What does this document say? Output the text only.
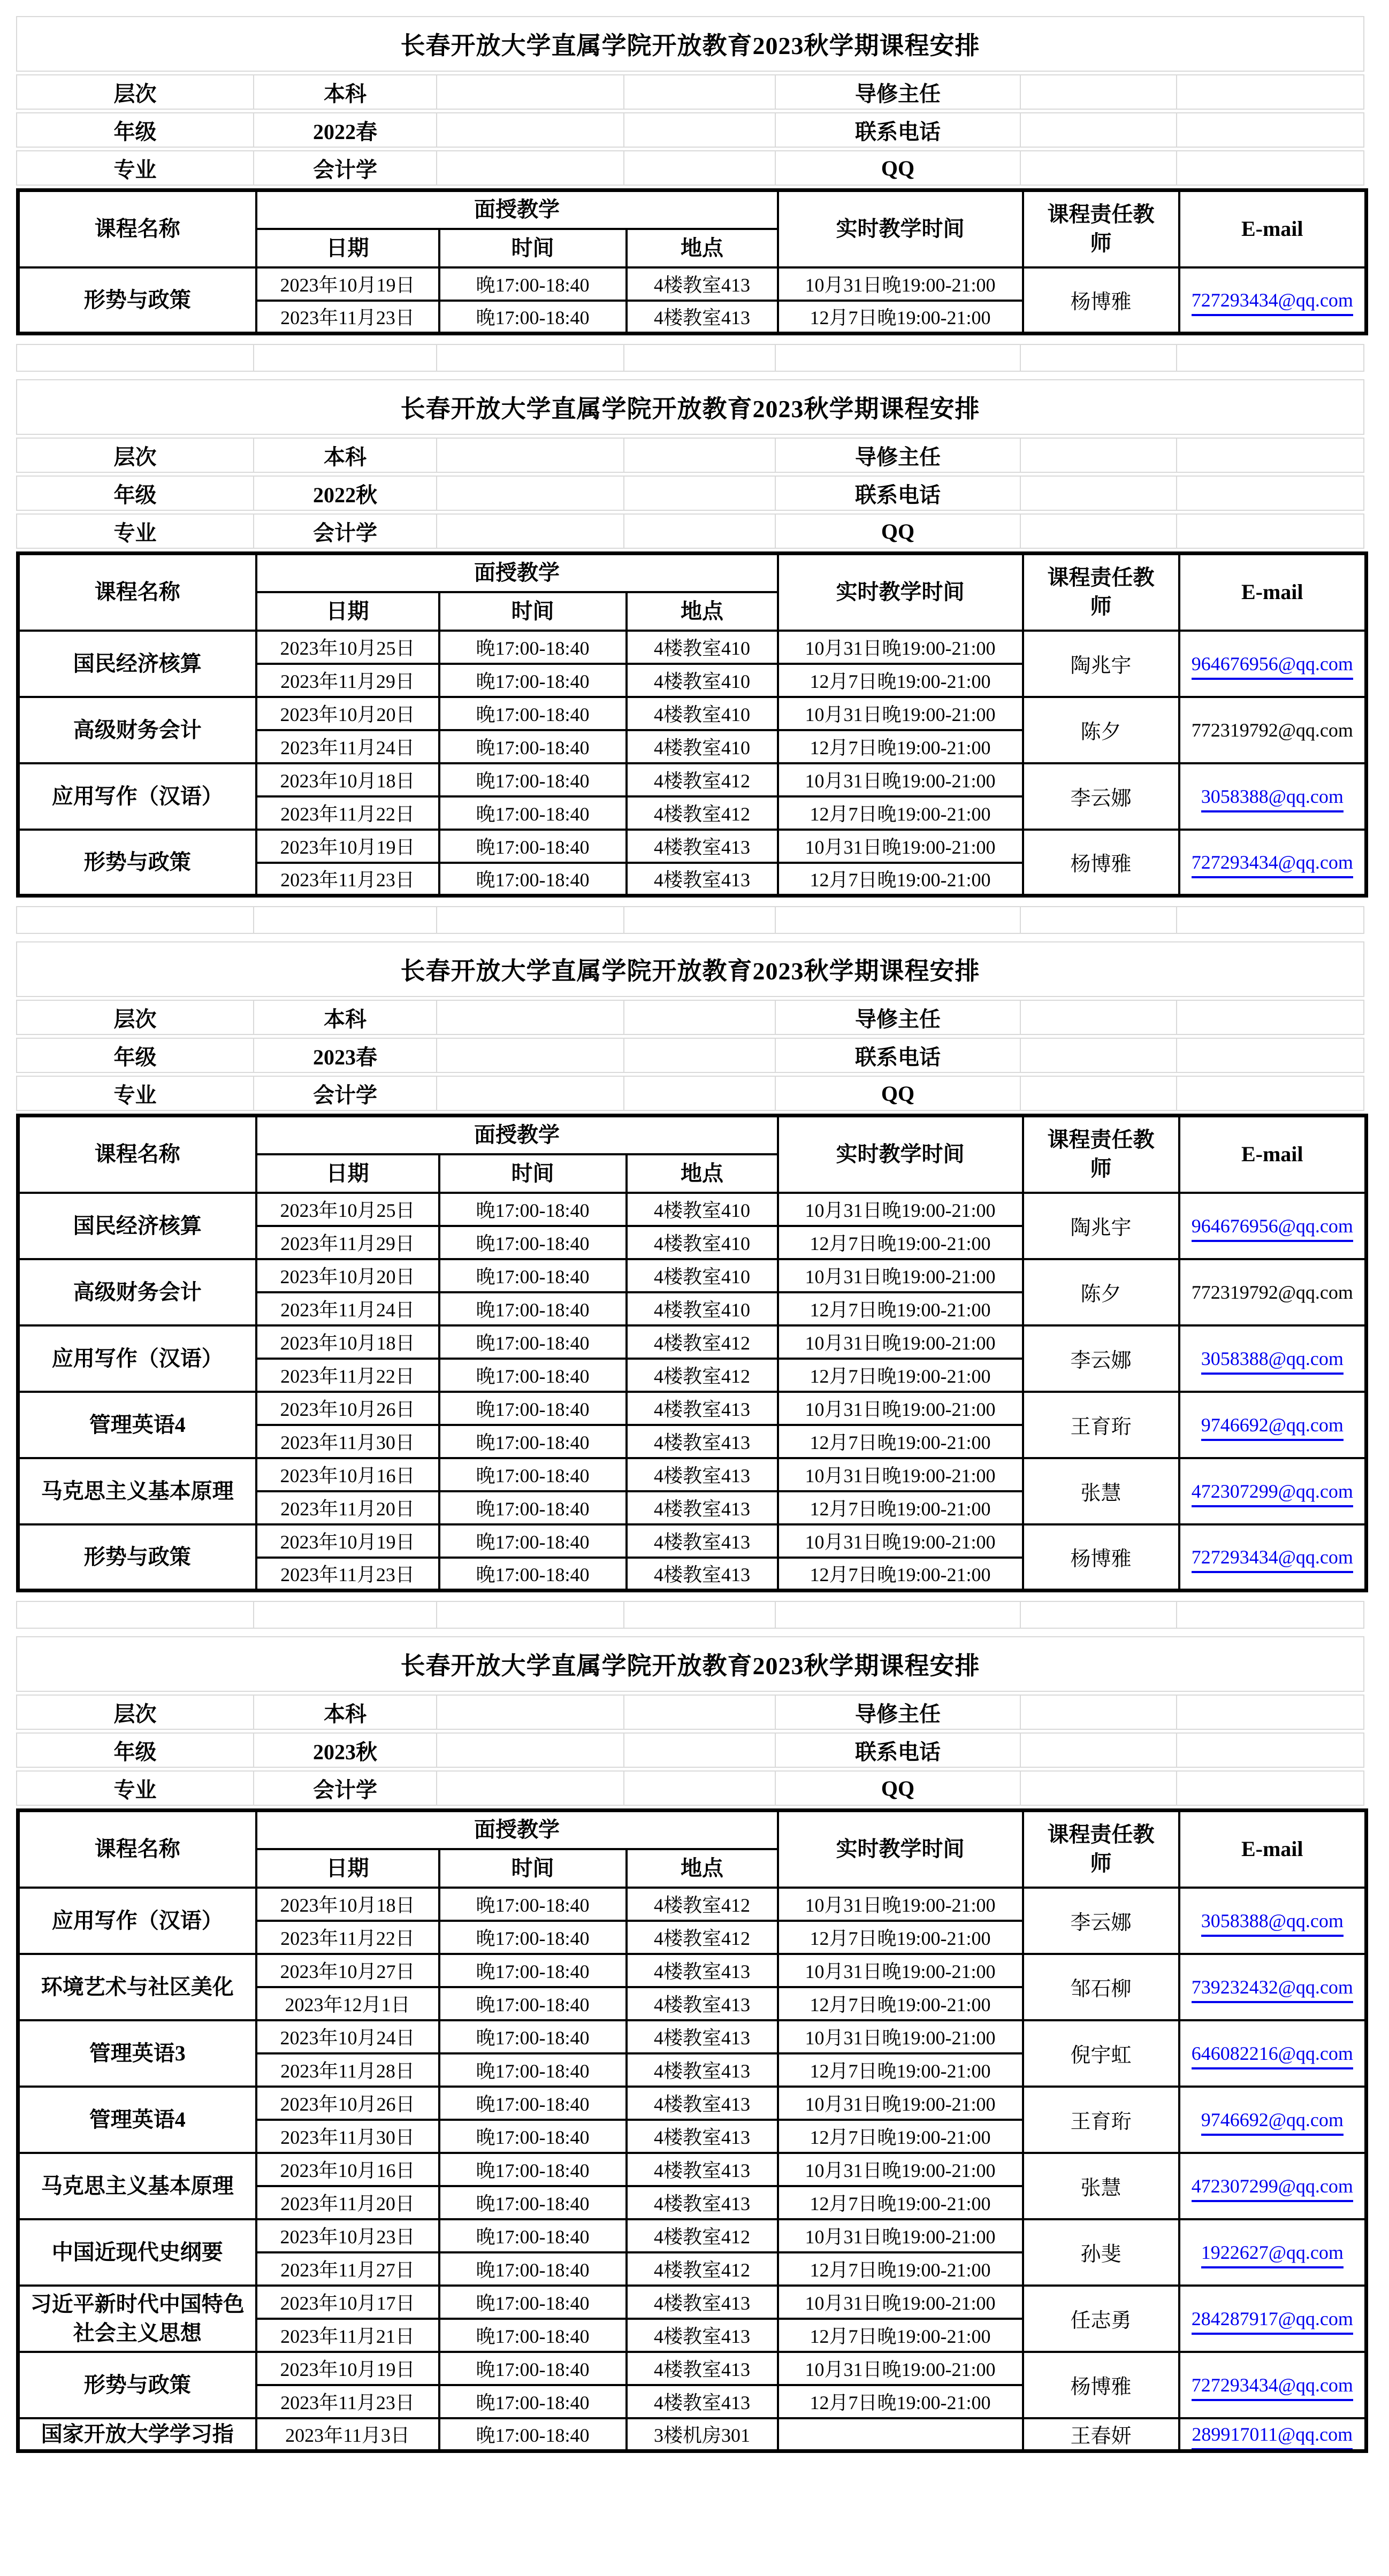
长春开放大学直属学院开放教育2023秋学期课程安排
层次	本科	导修主任
年级	2022春	联系电话
专业	会计学	QQ
课程名称	面授教学			实时教学时间	课程责任教师	E-mail
	日期	时间	地点			
形势与政策	2023年10月19日	晚17:00-18:40	4楼教室413	10月31日晚19:00-21:00	杨博雅	727293434@qq.com
	2023年11月23日	晚17:00-18:40	4楼教室413	12月7日晚19:00-21:00		
长春开放大学直属学院开放教育2023秋学期课程安排
层次	本科	导修主任
年级	2022秋	联系电话
专业	会计学	QQ
课程名称	面授教学			实时教学时间	课程责任教师	E-mail
	日期	时间	地点			
国民经济核算	2023年10月25日	晚17:00-18:40	4楼教室410	10月31日晚19:00-21:00	陶兆宇	964676956@qq.com
	2023年11月29日	晚17:00-18:40	4楼教室410	12月7日晚19:00-21:00		
高级财务会计	2023年10月20日	晚17:00-18:40	4楼教室410	10月31日晚19:00-21:00	陈夕	772319792@qq.com
	2023年11月24日	晚17:00-18:40	4楼教室410	12月7日晚19:00-21:00		
应用写作（汉语）	2023年10月18日	晚17:00-18:40	4楼教室412	10月31日晚19:00-21:00	李云娜	3058388@qq.com
	2023年11月22日	晚17:00-18:40	4楼教室412	12月7日晚19:00-21:00		
形势与政策	2023年10月19日	晚17:00-18:40	4楼教室413	10月31日晚19:00-21:00	杨博雅	727293434@qq.com
	2023年11月23日	晚17:00-18:40	4楼教室413	12月7日晚19:00-21:00		
长春开放大学直属学院开放教育2023秋学期课程安排
层次	本科	导修主任
年级	2023春	联系电话
专业	会计学	QQ
课程名称	面授教学			实时教学时间	课程责任教师	E-mail
	日期	时间	地点			
国民经济核算	2023年10月25日	晚17:00-18:40	4楼教室410	10月31日晚19:00-21:00	陶兆宇	964676956@qq.com
	2023年11月29日	晚17:00-18:40	4楼教室410	12月7日晚19:00-21:00		
高级财务会计	2023年10月20日	晚17:00-18:40	4楼教室410	10月31日晚19:00-21:00	陈夕	772319792@qq.com
	2023年11月24日	晚17:00-18:40	4楼教室410	12月7日晚19:00-21:00		
应用写作（汉语）	2023年10月18日	晚17:00-18:40	4楼教室412	10月31日晚19:00-21:00	李云娜	3058388@qq.com
	2023年11月22日	晚17:00-18:40	4楼教室412	12月7日晚19:00-21:00		
管理英语4	2023年10月26日	晚17:00-18:40	4楼教室413	10月31日晚19:00-21:00	王育珩	9746692@qq.com
	2023年11月30日	晚17:00-18:40	4楼教室413	12月7日晚19:00-21:00		
马克思主义基本原理	2023年10月16日	晚17:00-18:40	4楼教室413	10月31日晚19:00-21:00	张慧	472307299@qq.com
	2023年11月20日	晚17:00-18:40	4楼教室413	12月7日晚19:00-21:00		
形势与政策	2023年10月19日	晚17:00-18:40	4楼教室413	10月31日晚19:00-21:00	杨博雅	727293434@qq.com
	2023年11月23日	晚17:00-18:40	4楼教室413	12月7日晚19:00-21:00		
长春开放大学直属学院开放教育2023秋学期课程安排
层次	本科	导修主任
年级	2023秋	联系电话
专业	会计学	QQ
课程名称	面授教学			实时教学时间	课程责任教师	E-mail
	日期	时间	地点			
应用写作（汉语）	2023年10月18日	晚17:00-18:40	4楼教室412	10月31日晚19:00-21:00	李云娜	3058388@qq.com
	2023年11月22日	晚17:00-18:40	4楼教室412	12月7日晚19:00-21:00		
环境艺术与社区美化	2023年10月27日	晚17:00-18:40	4楼教室413	10月31日晚19:00-21:00	邹石柳	739232432@qq.com
	2023年12月1日	晚17:00-18:40	4楼教室413	12月7日晚19:00-21:00		
管理英语3	2023年10月24日	晚17:00-18:40	4楼教室413	10月31日晚19:00-21:00	倪宇虹	646082216@qq.com
	2023年11月28日	晚17:00-18:40	4楼教室413	12月7日晚19:00-21:00		
管理英语4	2023年10月26日	晚17:00-18:40	4楼教室413	10月31日晚19:00-21:00	王育珩	9746692@qq.com
	2023年11月30日	晚17:00-18:40	4楼教室413	12月7日晚19:00-21:00		
马克思主义基本原理	2023年10月16日	晚17:00-18:40	4楼教室413	10月31日晚19:00-21:00	张慧	472307299@qq.com
	2023年11月20日	晚17:00-18:40	4楼教室413	12月7日晚19:00-21:00		
中国近现代史纲要	2023年10月23日	晚17:00-18:40	4楼教室412	10月31日晚19:00-21:00	孙斐	1922627@qq.com
	2023年11月27日	晚17:00-18:40	4楼教室412	12月7日晚19:00-21:00		
习近平新时代中国特色社会主义思想	2023年10月17日	晚17:00-18:40	4楼教室413	10月31日晚19:00-21:00	任志勇	284287917@qq.com
	2023年11月21日	晚17:00-18:40	4楼教室413	12月7日晚19:00-21:00		
形势与政策	2023年10月19日	晚17:00-18:40	4楼教室413	10月31日晚19:00-21:00	杨博雅	727293434@qq.com
	2023年11月23日	晚17:00-18:40	4楼教室413	12月7日晚19:00-21:00		
国家开放大学学习指	2023年11月3日	晚17:00-18:40	3楼机房301		王春妍	289917011@qq.com
